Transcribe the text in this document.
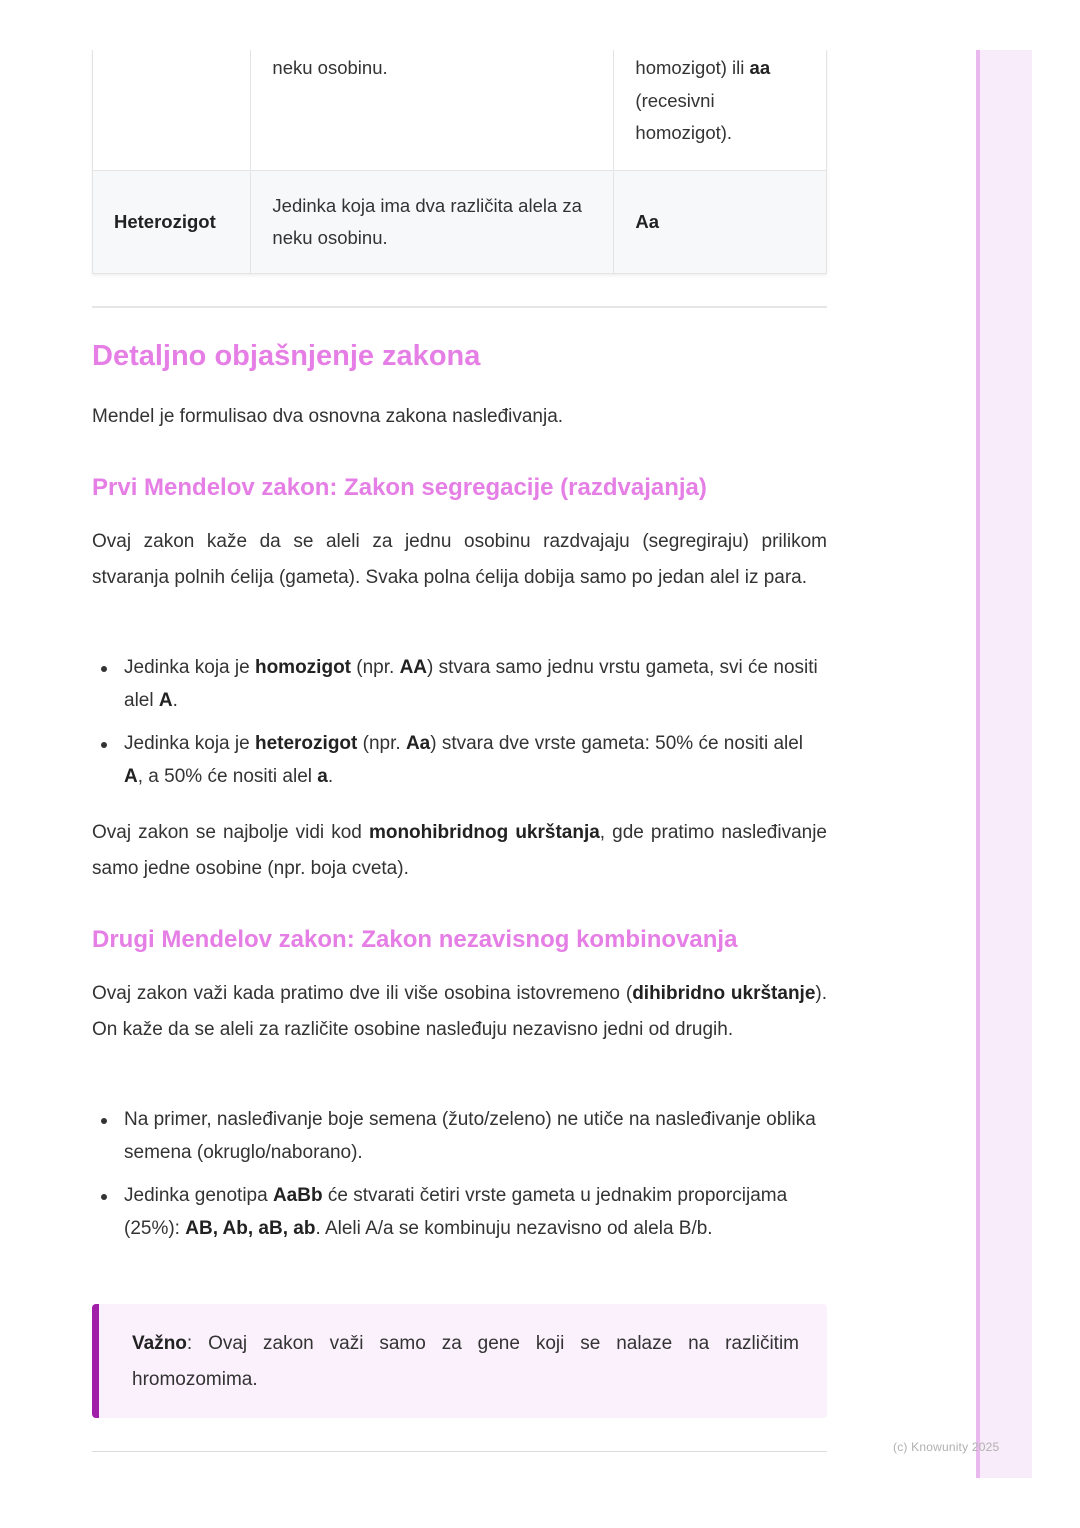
(c) Knowunity 2025
	neku osobinu.	homozigot) ili aa
(recesivni
homozigot).
Heterozigot	Jedinka koja ima dva različita alela za neku osobinu.	Aa
Detaljno objašnjenje zakona

Mendel je formulisao dva osnovna zakona nasleđivanja.

Prvi Mendelov zakon: Zakon segregacije (razdvajanja)

Ovaj zakon kaže da se aleli za jednu osobinu razdvajaju (segregiraju) prilikom stvaranja polnih ćelija (gameta). Svaka polna ćelija dobija samo po jedan alel iz para.

Jedinka koja je homozigot (npr. AA) stvara samo jednu vrstu gameta, svi će nositi alel A.
Jedinka koja je heterozigot (npr. Aa) stvara dve vrste gameta: 50% će nositi alel A, a 50% će nositi alel a.

Ovaj zakon se najbolje vidi kod monohibridnog ukrštanja, gde pratimo nasleđivanje samo jedne osobine (npr. boja cveta).

Drugi Mendelov zakon: Zakon nezavisnog kombinovanja

Ovaj zakon važi kada pratimo dve ili više osobina istovremeno (dihibridno ukrštanje). On kaže da se aleli za različite osobine nasleđuju nezavisno jedni od drugih.

Na primer, nasleđivanje boje semena (žuto/zeleno) ne utiče na nasleđivanje oblika semena (okruglo/naborano).
Jedinka genotipa AaBb će stvarati četiri vrste gameta u jednakim proporcijama (25%): AB, Ab, aB, ab. Aleli A/a se kombinuju nezavisno od alela B/b.
Važno: Ovaj zakon važi samo za gene koji se nalaze na različitim hromozomima.
